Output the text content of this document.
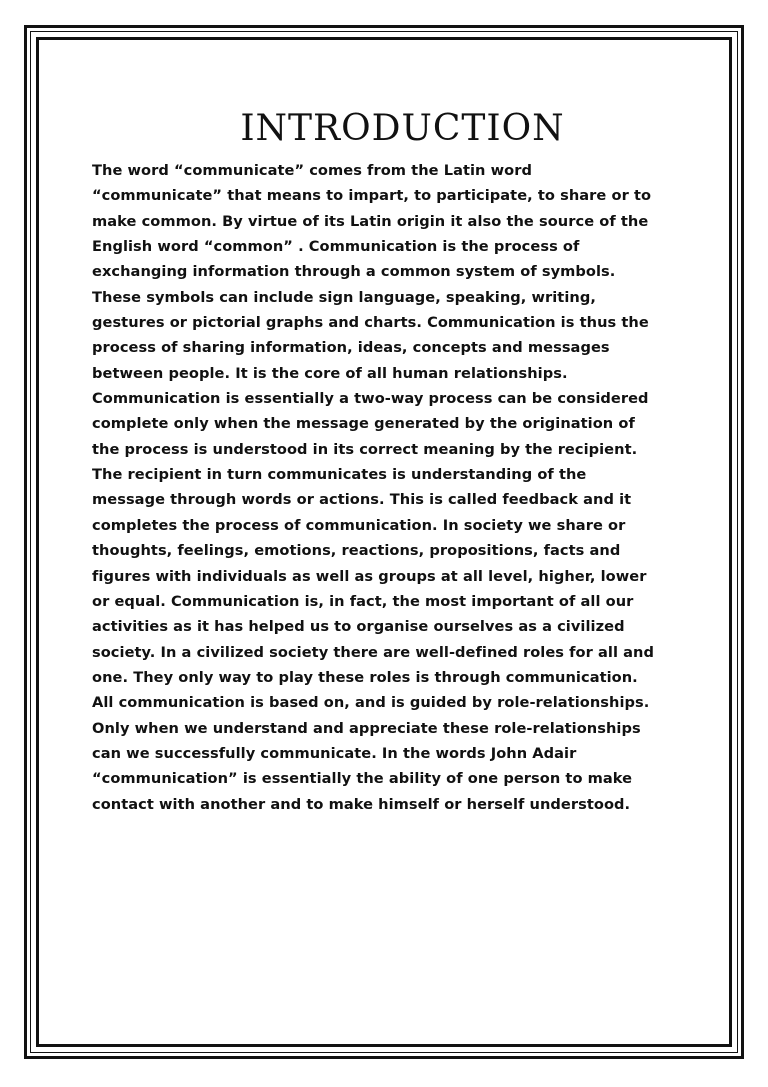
INTRODUCTION
The word “communicate” comes from the Latin word
“communicate” that means to impart, to participate, to share or to
make common. By virtue of its Latin origin it also the source of the
English word “common” . Communication is the process of
exchanging information through a common system of symbols.
These symbols can include sign language, speaking, writing,
gestures or pictorial graphs and charts. Communication is thus the
process of sharing information, ideas, concepts and messages
between people. It is the core of all human relationships.
Communication is essentially a two-way process can be considered
complete only when the message generated by the origination of
the process is understood in its correct meaning by the recipient.
The recipient in turn communicates is understanding of the
message through words or actions. This is called feedback and it
completes the process of communication. In society we share or
thoughts, feelings, emotions, reactions, propositions, facts and
figures with individuals as well as groups at all level, higher, lower
or equal. Communication is, in fact, the most important of all our
activities as it has helped us to organise ourselves as a civilized
society. In a civilized society there are well-defined roles for all and
one. They only way to play these roles is through communication.
All communication is based on, and is guided by role-relationships.
Only when we understand and appreciate these role-relationships
can we successfully communicate. In the words John Adair
“communication” is essentially the ability of one person to make
contact with another and to make himself or herself understood.
